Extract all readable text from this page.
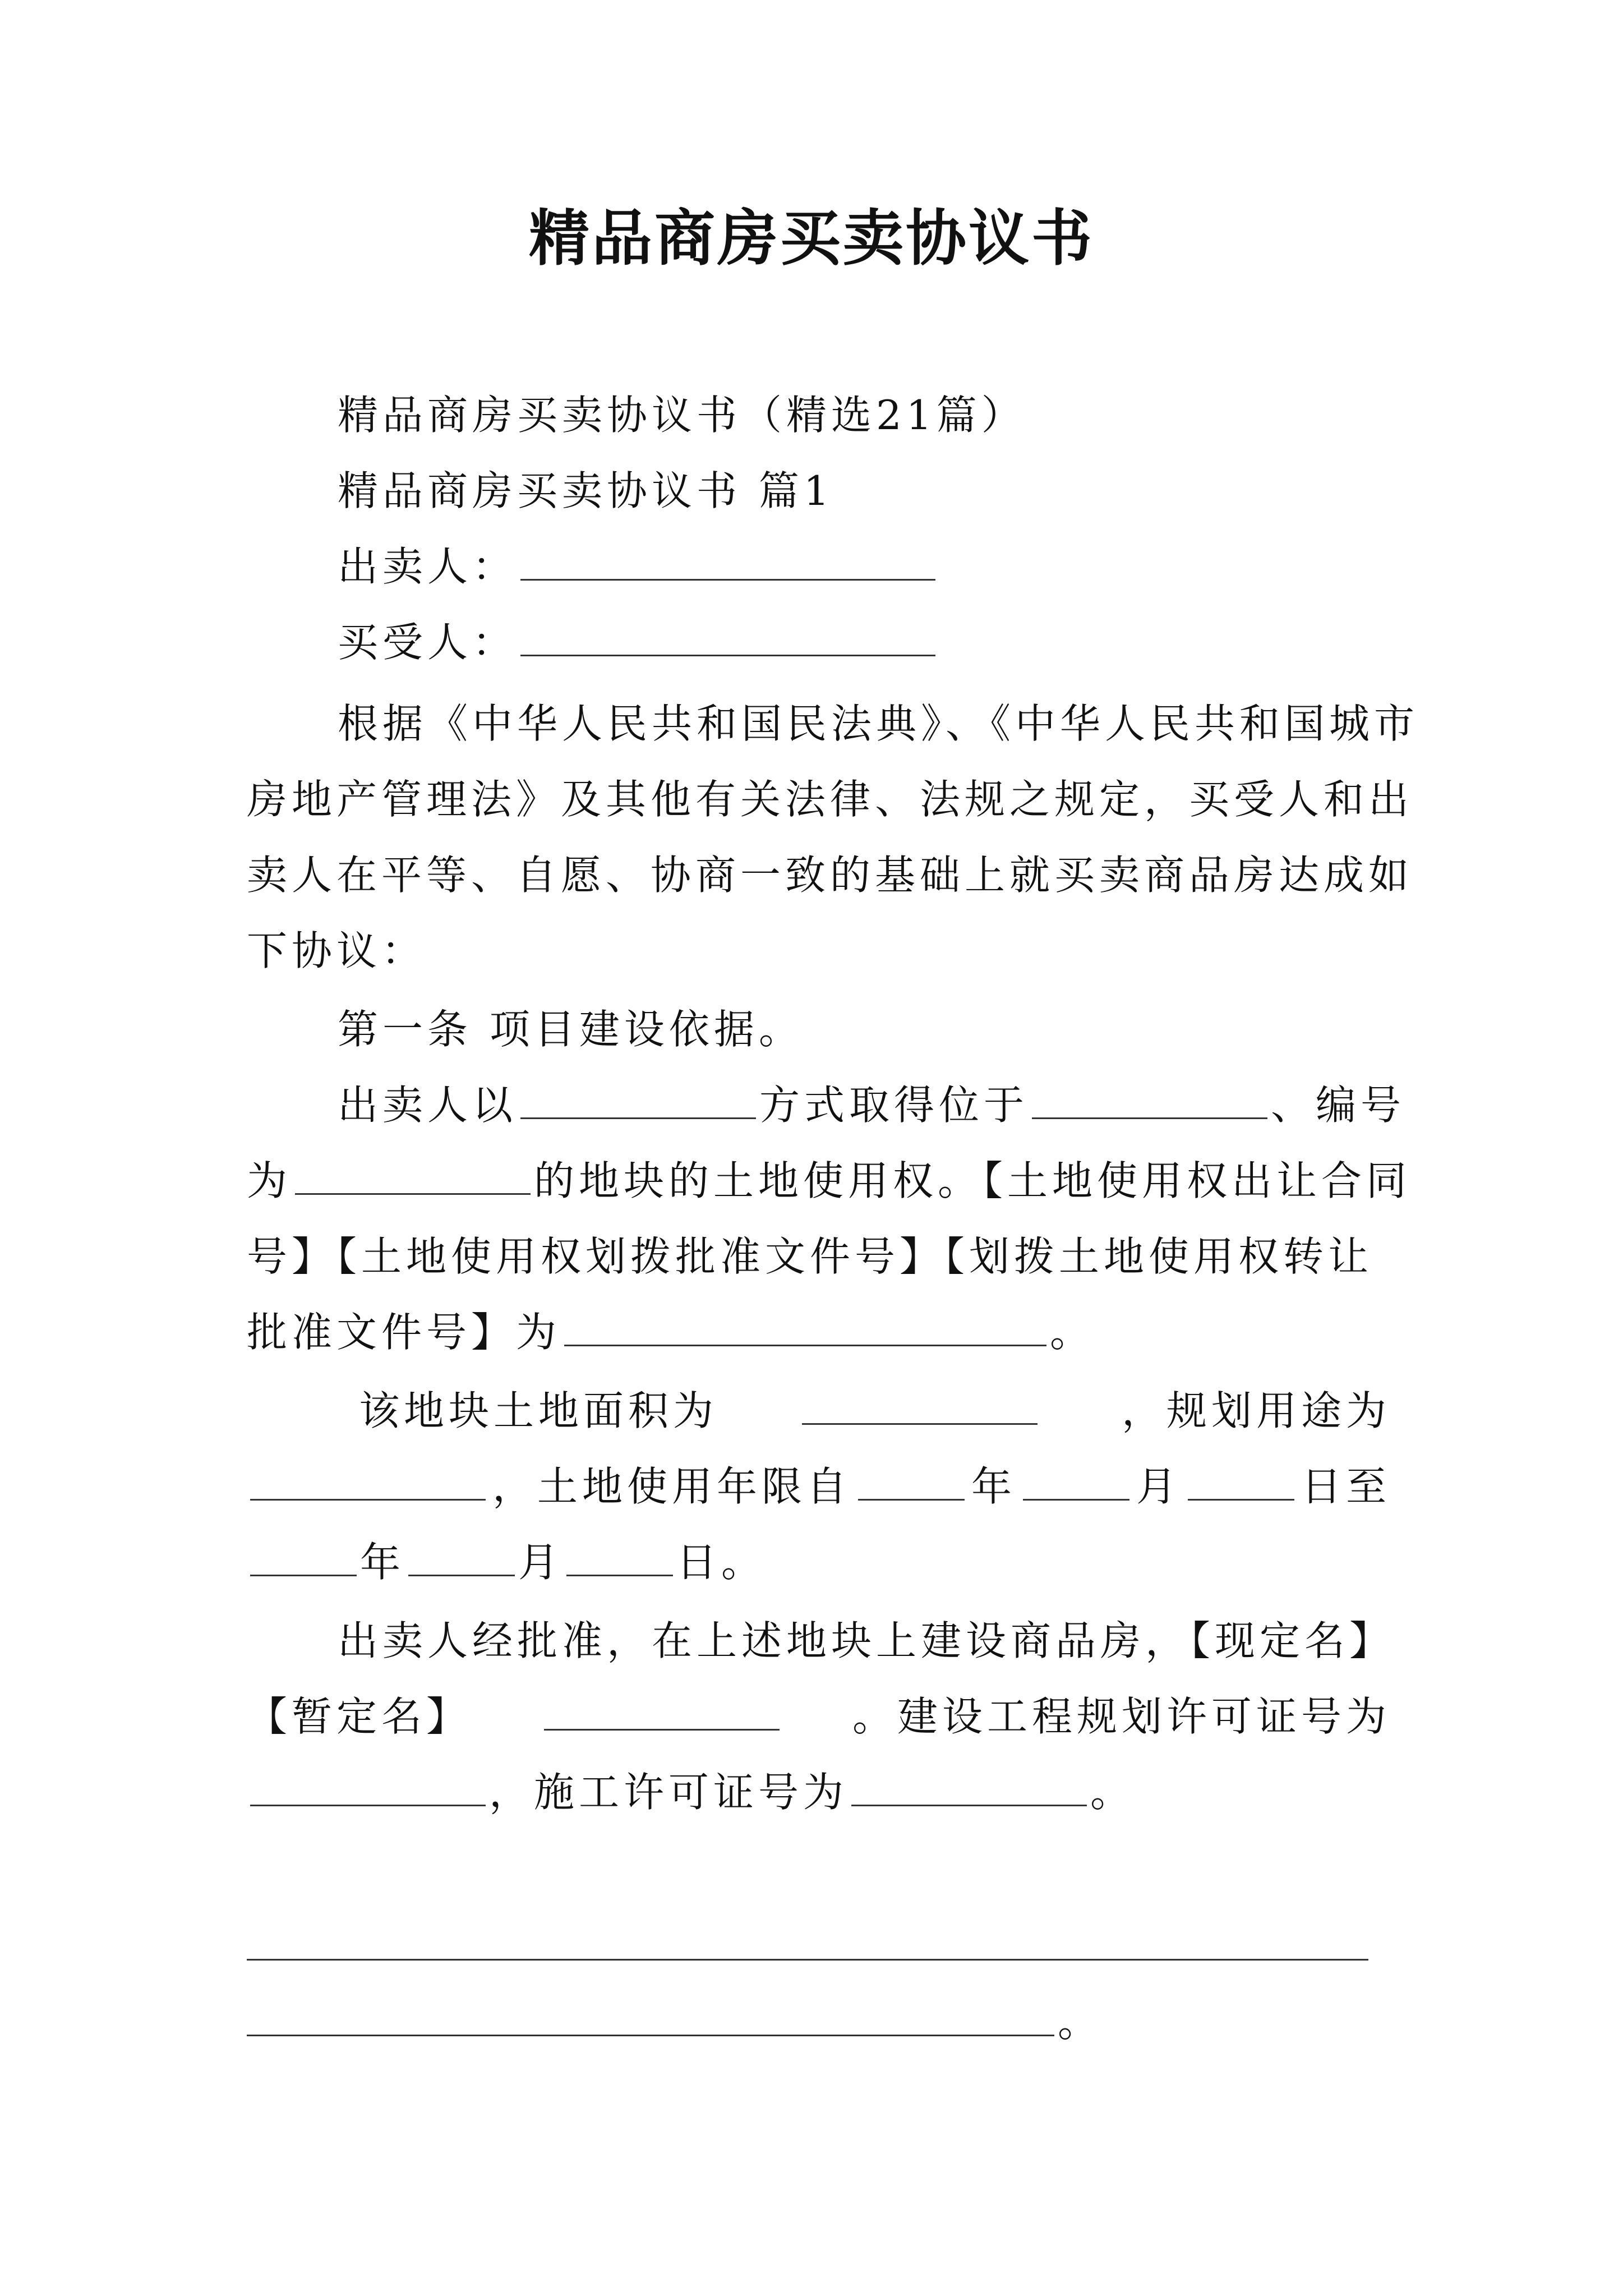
精品商房买卖协议书
精品商房买卖协议书（精选21篇）
精品商房买卖协议书 篇1
出卖人：
买受人：
根据《中华人民共和国民法典》、《中华人民共和国城市
房地产管理法》及其他有关法律、法规之规定，买受人和出
卖人在平等、自愿、协商一致的基础上就买卖商品房达成如
下协议：
第一条 项目建设依据。
出卖人以	方式取得位于	、编号
为	的地块的土地使用权。【土地使用权出让合同
号】【土地使用权划拨批准文件号】【划拨土地使用权转让
批准文件号】为	。
该地块土地面积为	，规划用途为
，土地使用年限自	年	月	日至
年	月	日。
出卖人经批准，在上述地块上建设商品房，【现定名】
【暂定名】	。建设工程规划许可证号为
，施工许可证号为	。
。
